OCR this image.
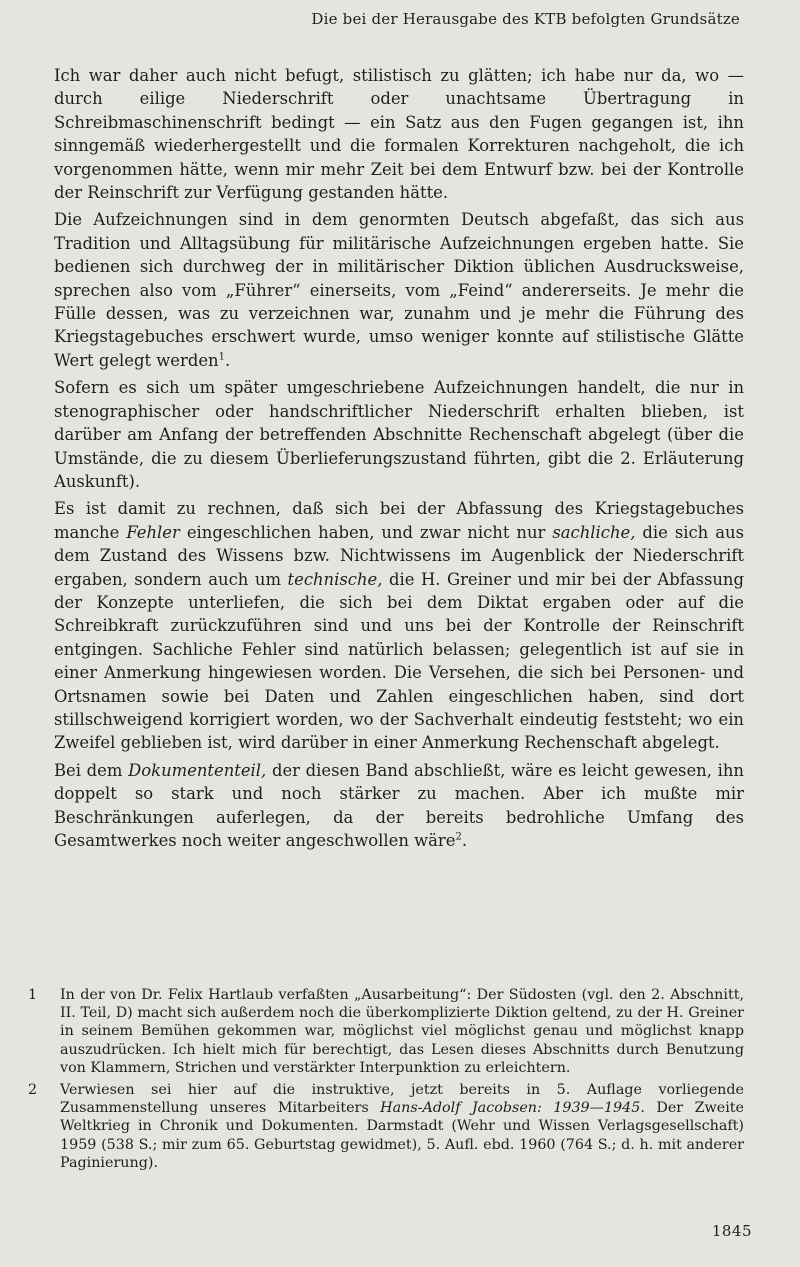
Die bei der Herausgabe des KTB befolgten Grundsätze

Ich war daher auch nicht befugt, stilistisch zu glätten; ich habe nur da, wo — durch eilige Niederschrift oder unachtsame Übertragung in Schreibmaschinenschrift bedingt — ein Satz aus den Fugen gegangen ist, ihn sinngemäß wiederhergestellt und die formalen Korrekturen nachgeholt, die ich vorgenommen hätte, wenn mir mehr Zeit bei dem Entwurf bzw. bei der Kontrolle der Reinschrift zur Verfügung gestanden hätte.

Die Aufzeichnungen sind in dem genormten Deutsch abgefaßt, das sich aus Tradition und Alltagsübung für militärische Aufzeichnungen ergeben hatte. Sie bedienen sich durchweg der in militärischer Diktion üblichen Ausdrucksweise, sprechen also vom „Führer“ einerseits, vom „Feind“ andererseits. Je mehr die Fülle dessen, was zu verzeichnen war, zunahm und je mehr die Führung des Kriegstagebuches erschwert wurde, umso weniger konnte auf stilistische Glätte Wert gelegt werden$^1$.

Sofern es sich um später umgeschriebene Aufzeichnungen handelt, die nur in stenographischer oder handschriftlicher Niederschrift erhalten blieben, ist darüber am Anfang der betreffenden Abschnitte Rechenschaft abgelegt (über die Umstände, die zu diesem Überlieferungszustand führten, gibt die 2. Erläuterung Auskunft).

Es ist damit zu rechnen, daß sich bei der Abfassung des Kriegstagebuches manche Fehler eingeschlichen haben, und zwar nicht nur sachliche, die sich aus dem Zustand des Wissens bzw. Nichtwissens im Augenblick der Niederschrift ergaben, sondern auch um technische, die H. Greiner und mir bei der Abfassung der Konzepte unterliefen, die sich bei dem Diktat ergaben oder auf die Schreibkraft zurückzuführen sind und uns bei der Kontrolle der Reinschrift entgingen. Sachliche Fehler sind natürlich belassen; gelegentlich ist auf sie in einer Anmerkung hingewiesen worden. Die Versehen, die sich bei Personen- und Ortsnamen sowie bei Daten und Zahlen eingeschlichen haben, sind dort stillschweigend korrigiert worden, wo der Sachverhalt eindeutig feststeht; wo ein Zweifel geblieben ist, wird darüber in einer Anmerkung Rechenschaft abgelegt.

Bei dem Dokumententeil, der diesen Band abschließt, wäre es leicht gewesen, ihn doppelt so stark und noch stärker zu machen. Aber ich mußte mir Beschränkungen auferlegen, da der bereits bedrohliche Umfang des Gesamtwerkes noch weiter angeschwollen wäre$^2$.

1	In der von Dr. Felix Hartlaub verfaßten „Ausarbeitung“: Der Südosten (vgl. den 2. Abschnitt, II. Teil, D) macht sich außerdem noch die überkomplizierte Diktion geltend, zu der H. Greiner in seinem Bemühen gekommen war, möglichst viel möglichst genau und möglichst knapp auszudrücken. Ich hielt mich für berechtigt, das Lesen dieses Abschnitts durch Benutzung von Klammern, Strichen und verstärkter Interpunktion zu erleichtern.
2	Verwiesen sei hier auf die instruktive, jetzt bereits in 5. Auflage vorliegende Zusammenstellung unseres Mitarbeiters Hans-Adolf Jacobsen: 1939—1945. Der Zweite Weltkrieg in Chronik und Dokumenten. Darmstadt (Wehr und Wissen Verlagsgesellschaft) 1959 (538 S.; mir zum 65. Geburtstag gewidmet), 5. Aufl. ebd. 1960 (764 S.; d. h. mit anderer Paginierung).
1845
